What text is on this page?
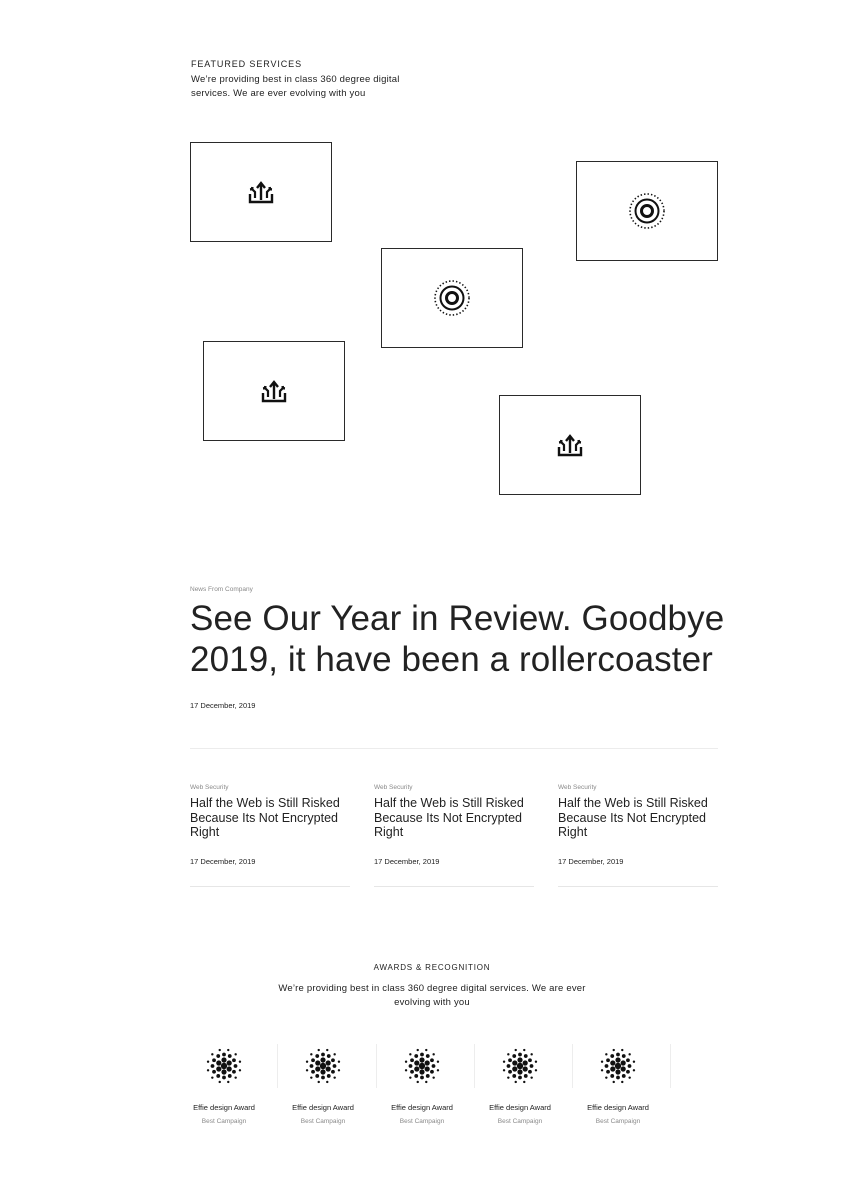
FEATURED SERVICES
We’re providing best in class 360 degree digital services. We are ever evolving with you
News From Company
See Our Year in Review. Goodbye 2019, it have been a rollercoaster
17 December, 2019
Web Security
Half the Web is Still Risked Because Its Not Encrypted Right
17 December, 2019
Web Security
Half the Web is Still Risked Because Its Not Encrypted Right
17 December, 2019
Web Security
Half the Web is Still Risked Because Its Not Encrypted Right
17 December, 2019
AWARDS & RECOGNITION
We’re providing best in class 360 degree digital services. We are ever evolving with you
Effie design Award
Best Campaign
Effie design Award
Best Campaign
Effie design Award
Best Campaign
Effie design Award
Best Campaign
Effie design Award
Best Campaign
